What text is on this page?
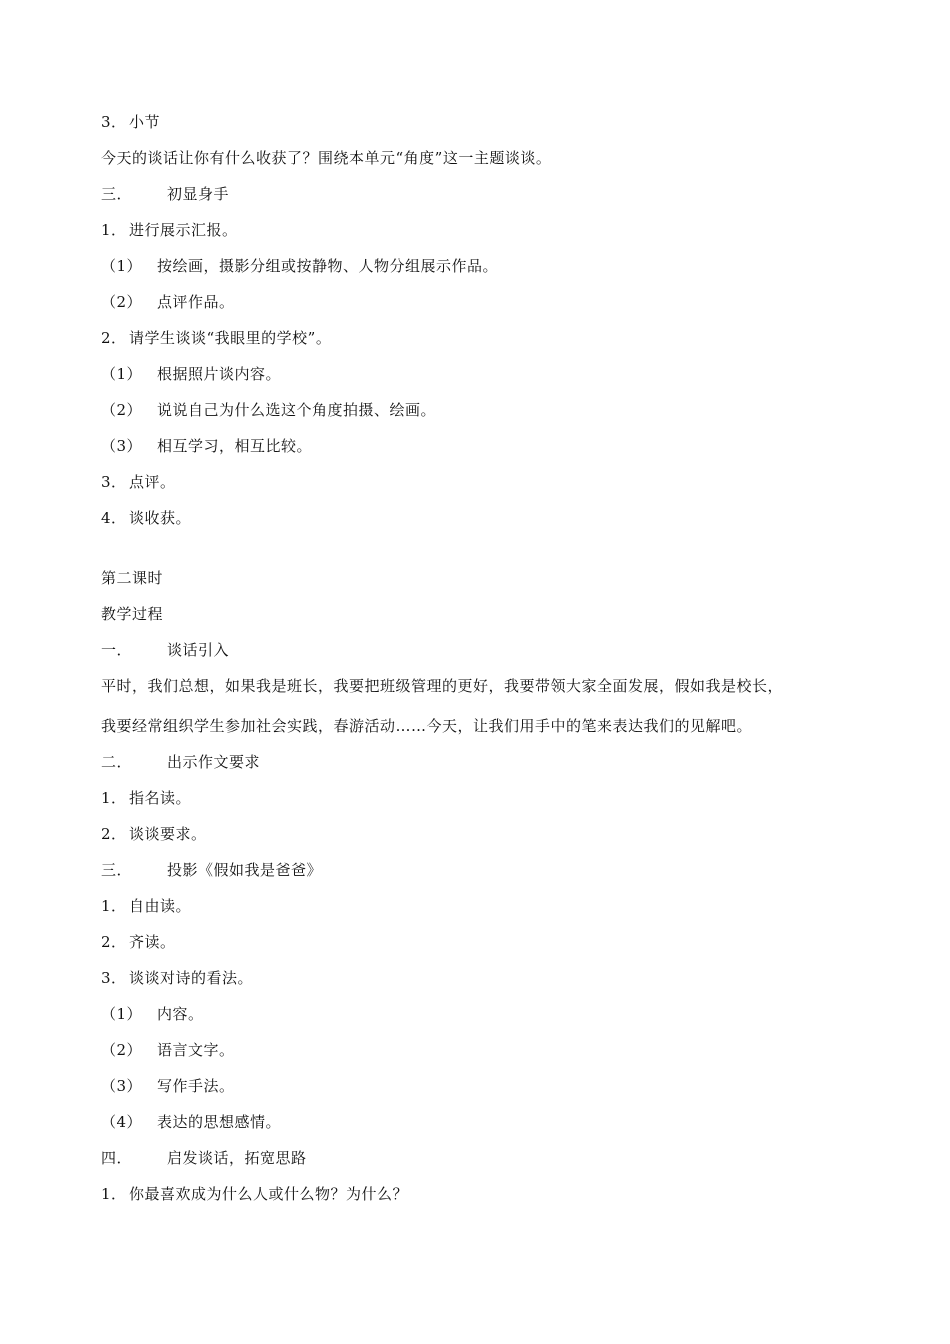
3． 小节
今天的谈话让你有什么收获了？围绕本单元“角度”这一主题谈谈。
三． 初显身手
1． 进行展示汇报。
（1） 按绘画，摄影分组或按静物、人物分组展示作品。
（2） 点评作品。
2． 请学生谈谈“我眼里的学校”。
（1） 根据照片谈内容。
（2） 说说自己为什么选这个角度拍摄、绘画。
（3） 相互学习，相互比较。
3． 点评。
4． 谈收获。
第二课时
教学过程
一． 谈话引入
平时，我们总想，如果我是班长，我要把班级管理的更好，我要带领大家全面发展，假如我是校长，
我要经常组织学生参加社会实践，春游活动……今天，让我们用手中的笔来表达我们的见解吧。
二． 出示作文要求
1． 指名读。
2． 谈谈要求。
三． 投影《假如我是爸爸》
1． 自由读。
2． 齐读。
3． 谈谈对诗的看法。
（1） 内容。
（2） 语言文字。
（3） 写作手法。
（4） 表达的思想感情。
四． 启发谈话，拓宽思路
1． 你最喜欢成为什么人或什么物？为什么？
